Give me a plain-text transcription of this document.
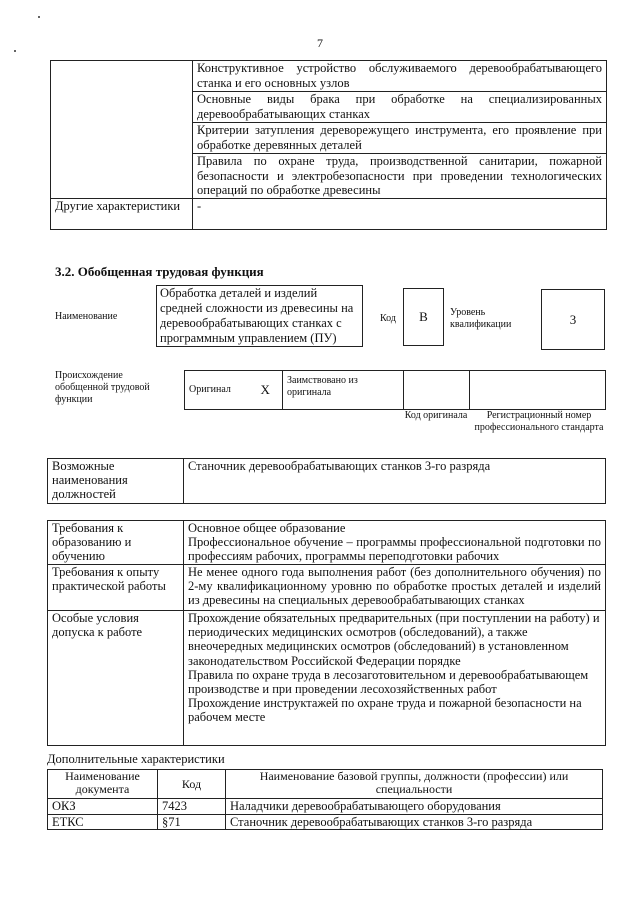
7
	Конструктивное устройство обслуживаемого деревообрабатывающего станка и его основных узлов
	Основные виды брака при обработке на специализированных деревообрабатывающих станках
	Критерии затупления дереворежущего инструмента, его проявление при обработке деревянных деталей
	Правила по охране труда, производственной санитарии, пожарной безопасности и электробезопасности при проведении технологических операций по обработке древесины
Другие характеристики	-
3.2. Обобщенная трудовая функция
Наименование
Обработка деталей и изделий средней сложности из древесины на деревообрабатывающих станках с программным управлением (ПУ)
Код	В	Уровень квалификации	3
Происхождение обобщенной трудовой функции
Оригинал	X	Заимствовано из оригинала		
Код оригинала	Регистрационный номер профессионального стандарта
Возможные наименования должностей	Станочник деревообрабатывающих станков 3-го разряда
Требования к образованию и обучению	Основное общее образование
Профессиональное обучение – программы профессиональной подготовки по профессиям рабочих, программы переподготовки рабочих

Требования к опыту практической работы	Не менее одного года выполнения работ (без дополнительного обучения) по 2-му квалификационному уровню по обработке простых деталей и изделий из древесины на специальных деревообрабатывающих станках
Особые условия допуска к работе	Прохождение обязательных предварительных (при поступлении на работу) и периодических медицинских осмотров (обследований), а также внеочередных медицинских осмотров (обследований) в установленном законодательством Российской Федерации порядке
Правила по охране труда в лесозаготовительном и деревообрабатывающем производстве и при проведении лесохозяйственных работ
Прохождение инструктажей по охране труда и пожарной безопасности на рабочем месте
Дополнительные характеристики
Наименование документа	Код	Наименование базовой группы, должности (профессии) или специальности
ОКЗ	7423	Наладчики деревообрабатывающего оборудования
ЕТКС	§71	Станочник деревообрабатывающих станков 3-го разряда
